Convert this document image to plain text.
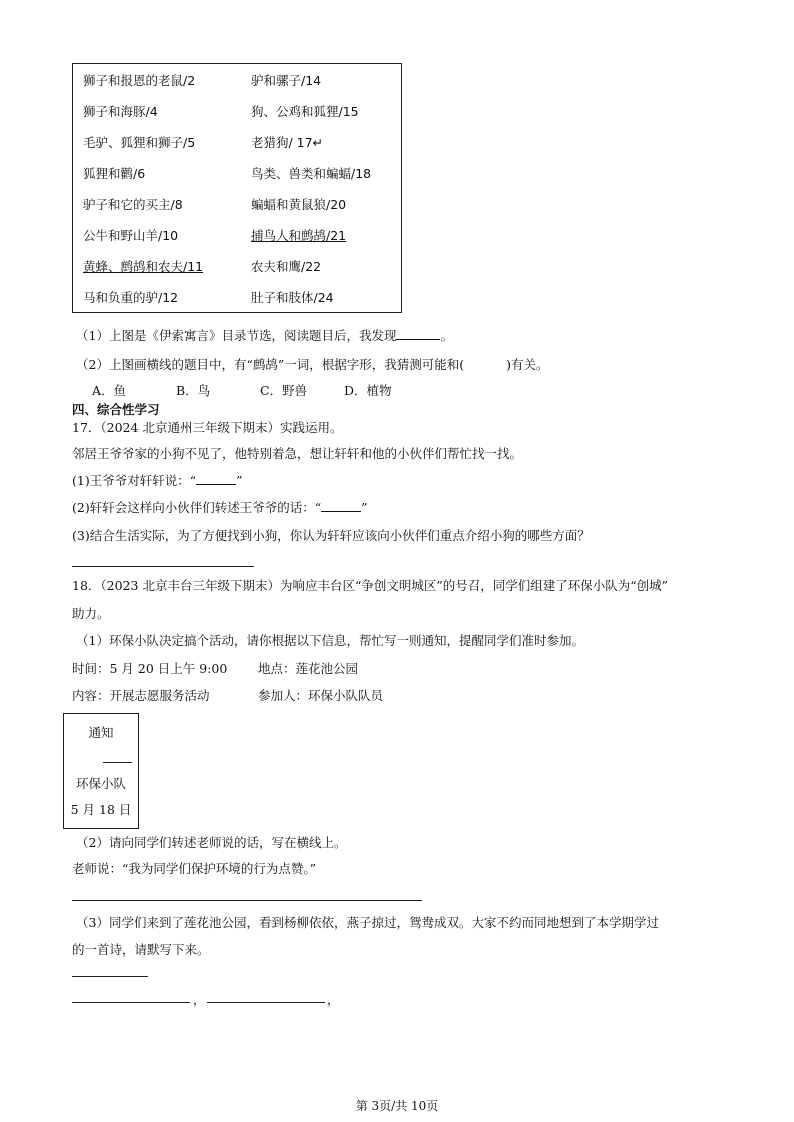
狮子和报恩的老鼠/2	驴和骡子/14
狮子和海豚/4	狗、公鸡和狐狸/15
毛驴、狐狸和狮子/5	老猎狗/ 17↵
狐狸和鹳/6	鸟类、兽类和蝙蝠/18
驴子和它的买主/8	蝙蝠和黄鼠狼/20
公牛和野山羊/10	捕鸟人和鹧鸪/21
黄蜂、鹧鸪和农夫/11	农夫和鹰/22
马和负重的驴/12	肚子和肢体/24
（1）上图是《伊索寓言》目录节选，阅读题目后，我发现	。
（2）上图画横线的题目中，有“鹧鸪”一词，根据字形，我猜测可能和(	)有关。
A．鱼	B．鸟	C．野兽	D．植物
四、综合性学习
17．（2024 北京通州三年级下期末）实践运用。
邻居王爷爷家的小狗不见了，他特别着急，想让轩轩和他的小伙伴们帮忙找一找。
(1)王爷爷对轩轩说：“	”
(2)轩轩会这样向小伙伴们转述王爷爷的话：“	”
(3)结合生活实际，为了方便找到小狗，你认为轩轩应该向小伙伴们重点介绍小狗的哪些方面？
18．（2023 北京丰台三年级下期末）为响应丰台区“争创文明城区”的号召，同学们组建了环保小队为“创城”
助力。
（1）环保小队决定搞个活动，请你根据以下信息，帮忙写一则通知，提醒同学们准时参加。
时间：5 月 20 日上午 9:00 地点：莲花池公园
内容：开展志愿服务活动	参加人：环保小队队员
通知
环保小队
5 月 18 日
（2）请向同学们转述老师说的话，写在横线上。
老师说：“我为同学们保护环境的行为点赞。”
（3）同学们来到了莲花池公园，看到杨柳依依，燕子掠过，鸳鸯成双。大家不约而同地想到了本学期学过
的一首诗，请默写下来。
，	，
第 3页/共 10页
